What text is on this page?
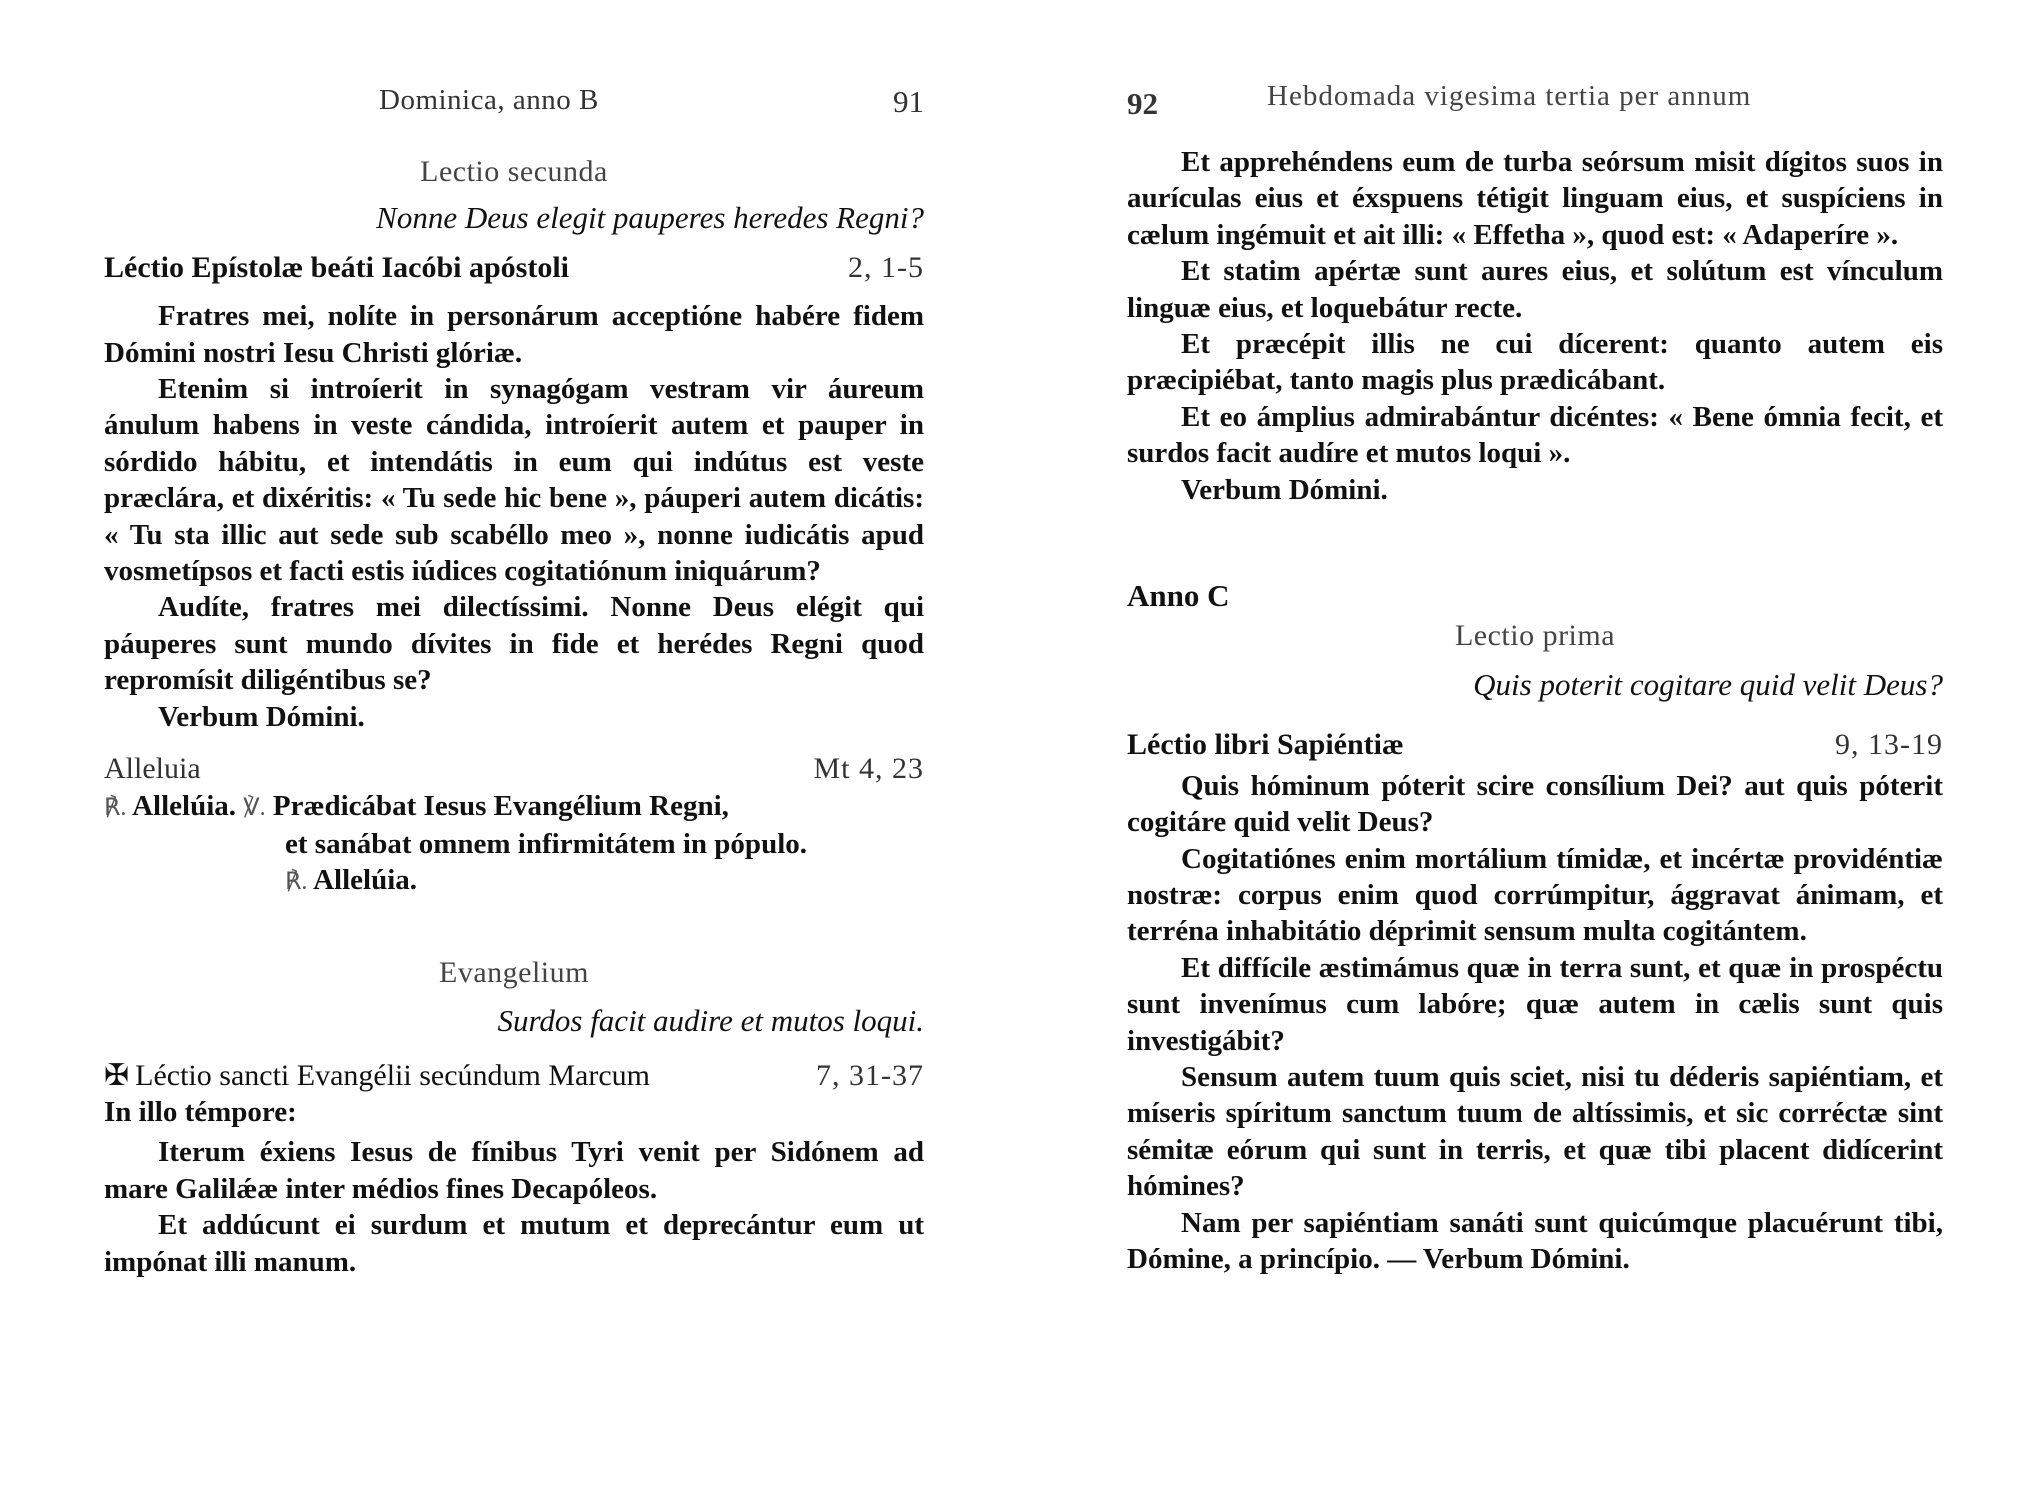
Dominica, anno B	91
Lectio secunda
Nonne Deus elegit pauperes heredes Regni?
Léctio Epístolæ beáti Iacóbi apóstoli	2, 1-5

Fratres mei, nolíte in personárum acceptióne habére fidem Dómini nostri Iesu Christi glóriæ.

Etenim si introíerit in synagógam vestram vir áureum ánulum habens in veste cándida, introíerit autem et pauper in sórdido hábitu, et intendátis in eum qui indútus est veste præclára, et dixéritis: « Tu sede hic bene », páuperi autem dicátis: « Tu sta illic aut sede sub scabéllo meo », nonne iudicátis apud vosmetípsos et facti estis iúdices cogitatiónum iniquárum?

Audíte, fratres mei dilectíssimi. Nonne Deus elégit qui páuperes sunt mundo dívites in fide et herédes Regni quod repromísit diligéntibus se?

Verbum Dómini.
Alleluia	Mt 4, 23
℟. Allelúia. ℣. Prædicábat Iesus Evangélium Regni,
et sanábat omnem infirmitátem in pópulo.
℟. Allelúia.
Evangelium
Surdos facit audire et mutos loqui.
✠ Léctio sancti Evangélii secúndum Marcum	7, 31-37
In illo témpore:

Iterum éxiens Iesus de fínibus Tyri venit per Sidónem ad mare Galilǽæ inter médios fines Decapóleos.

Et addúcunt ei surdum et mutum et deprecántur eum ut impónat illi manum.

92	Hebdomada vigesima tertia per annum

Et apprehéndens eum de turba seórsum misit dígitos suos in aurículas eius et éxspuens tétigit linguam eius, et suspíciens in cælum ingémuit et ait illi: « Effetha », quod est: « Adaperíre ».

Et statim apértæ sunt aures eius, et solútum est vínculum linguæ eius, et loquebátur recte.

Et præcépit illis ne cui dícerent: quanto autem eis præcipiébat, tanto magis plus prædicábant.

Et eo ámplius admirabántur dicéntes: « Bene ómnia fecit, et surdos facit audíre et mutos loqui ».

Verbum Dómini.
Anno C
Lectio prima
Quis poterit cogitare quid velit Deus?
Léctio libri Sapiéntiæ	9, 13-19

Quis hóminum póterit scire consílium Dei? aut quis póterit cogitáre quid velit Deus?

Cogitatiónes enim mortálium tímidæ, et incértæ providéntiæ nostræ: corpus enim quod corrúmpitur, ággravat ánimam, et terréna inhabitátio déprimit sensum multa cogitántem.

Et diffícile æstimámus quæ in terra sunt, et quæ in prospéctu sunt invenímus cum labóre; quæ autem in cælis sunt quis investigábit?

Sensum autem tuum quis sciet, nisi tu déderis sapiéntiam, et míseris spíritum sanctum tuum de altíssimis, et sic corréctæ sint sémitæ eórum qui sunt in terris, et quæ tibi placent didícerint hómines?

Nam per sapiéntiam sanáti sunt quicúmque placuérunt tibi, Dómine, a princípio. — Verbum Dómini.
